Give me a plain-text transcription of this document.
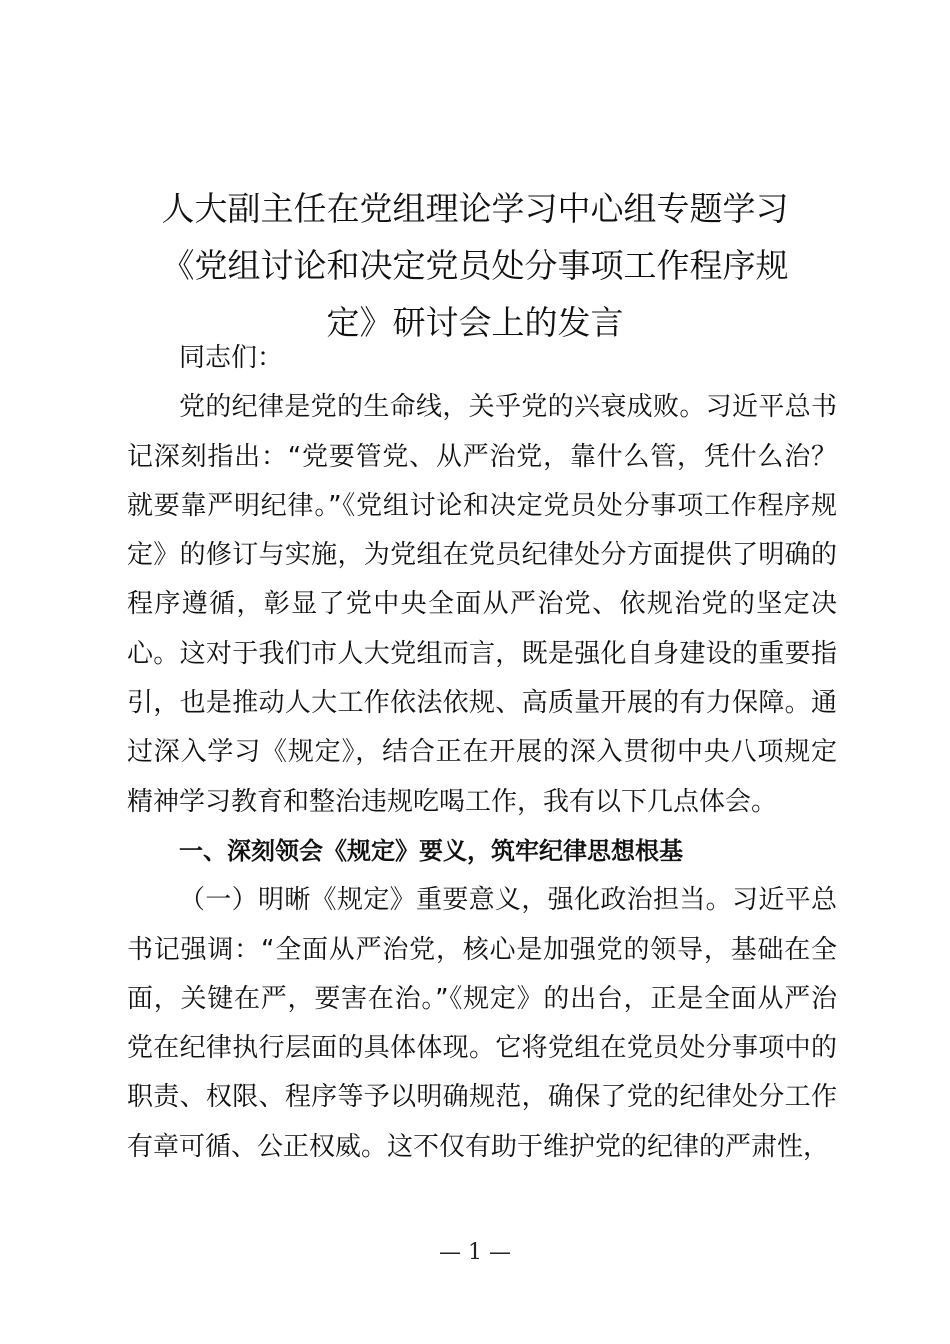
人大副主任在党组理论学习中心组专题学习
《党组讨论和决定党员处分事项工作程序规
定》研讨会上的发言

同志们：

党的纪律是党的生命线，关乎党的兴衰成败。习近平总书记深刻指出：“党要管党、从严治党，靠什么管，凭什么治？就要靠严明纪律。”《党组讨论和决定党员处分事项工作程序规定》的修订与实施，为党组在党员纪律处分方面提供了明确的程序遵循，彰显了党中央全面从严治党、依规治党的坚定决心。这对于我们市人大党组而言，既是强化自身建设的重要指引，也是推动人大工作依法依规、高质量开展的有力保障。通过深入学习《规定》，结合正在开展的深入贯彻中央八项规定精神学习教育和整治违规吃喝工作，我有以下几点体会。

一、深刻领会《规定》要义，筑牢纪律思想根基

（一）明晰《规定》重要意义，强化政治担当。习近平总书记强调：“全面从严治党，核心是加强党的领导，基础在全面，关键在严，要害在治。”《规定》的出台，正是全面从严治党在纪律执行层面的具体体现。它将党组在党员处分事项中的职责、权限、程序等予以明确规范，确保了党的纪律处分工作有章可循、公正权威。这不仅有助于维护党的纪律的严肃性，

— 1 —
